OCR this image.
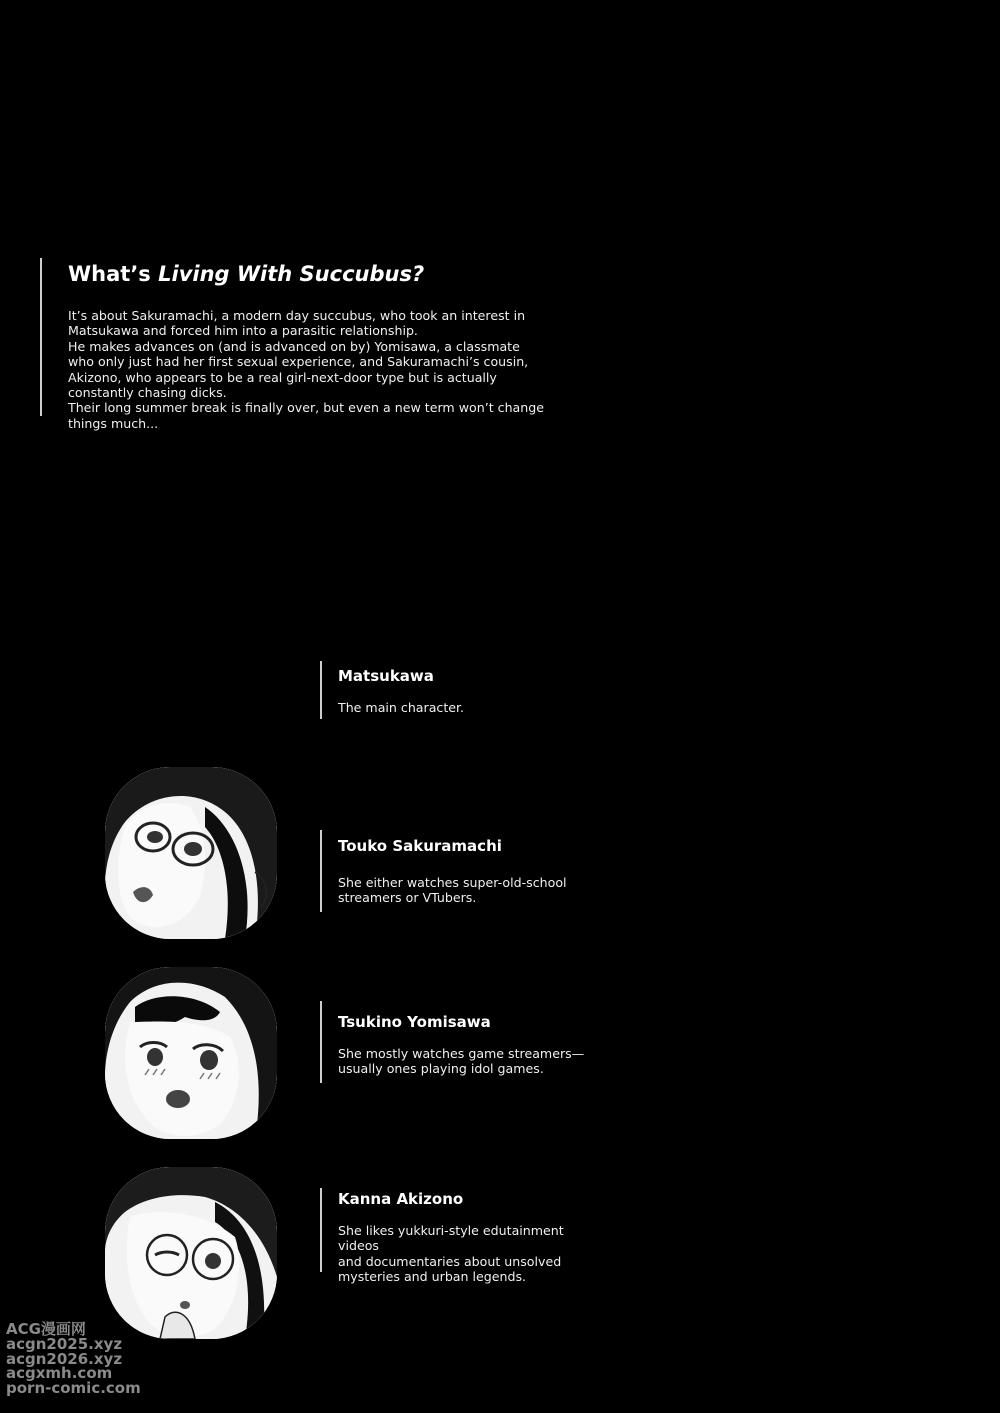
What’s Living With Succubus?

It’s about Sakuramachi, a modern day succubus, who took an interest in Matsukawa and forced him into a parasitic relationship.

He makes advances on (and is advanced on by) Yomisawa, a classmate who only just had her first sexual experience, and Sakuramachi’s cousin, Akizono, who appears to be a real girl-next-door type but is actually constantly chasing dicks.

Their long summer break is finally over, but even a new term won’t change things much...

Matsukawa

The main character.

Touko Sakuramachi

She either watches super-old-school

streamers or VTubers.

Tsukino Yomisawa

She mostly watches game streamers—

usually ones playing idol games.

Kanna Akizono

She likes yukkuri-style edutainment videos

and documentaries about unsolved

mysteries and urban legends.

ACG漫画网
acgn2025.xyz
acgn2026.xyz
acgxmh.com
porn-comic.com
